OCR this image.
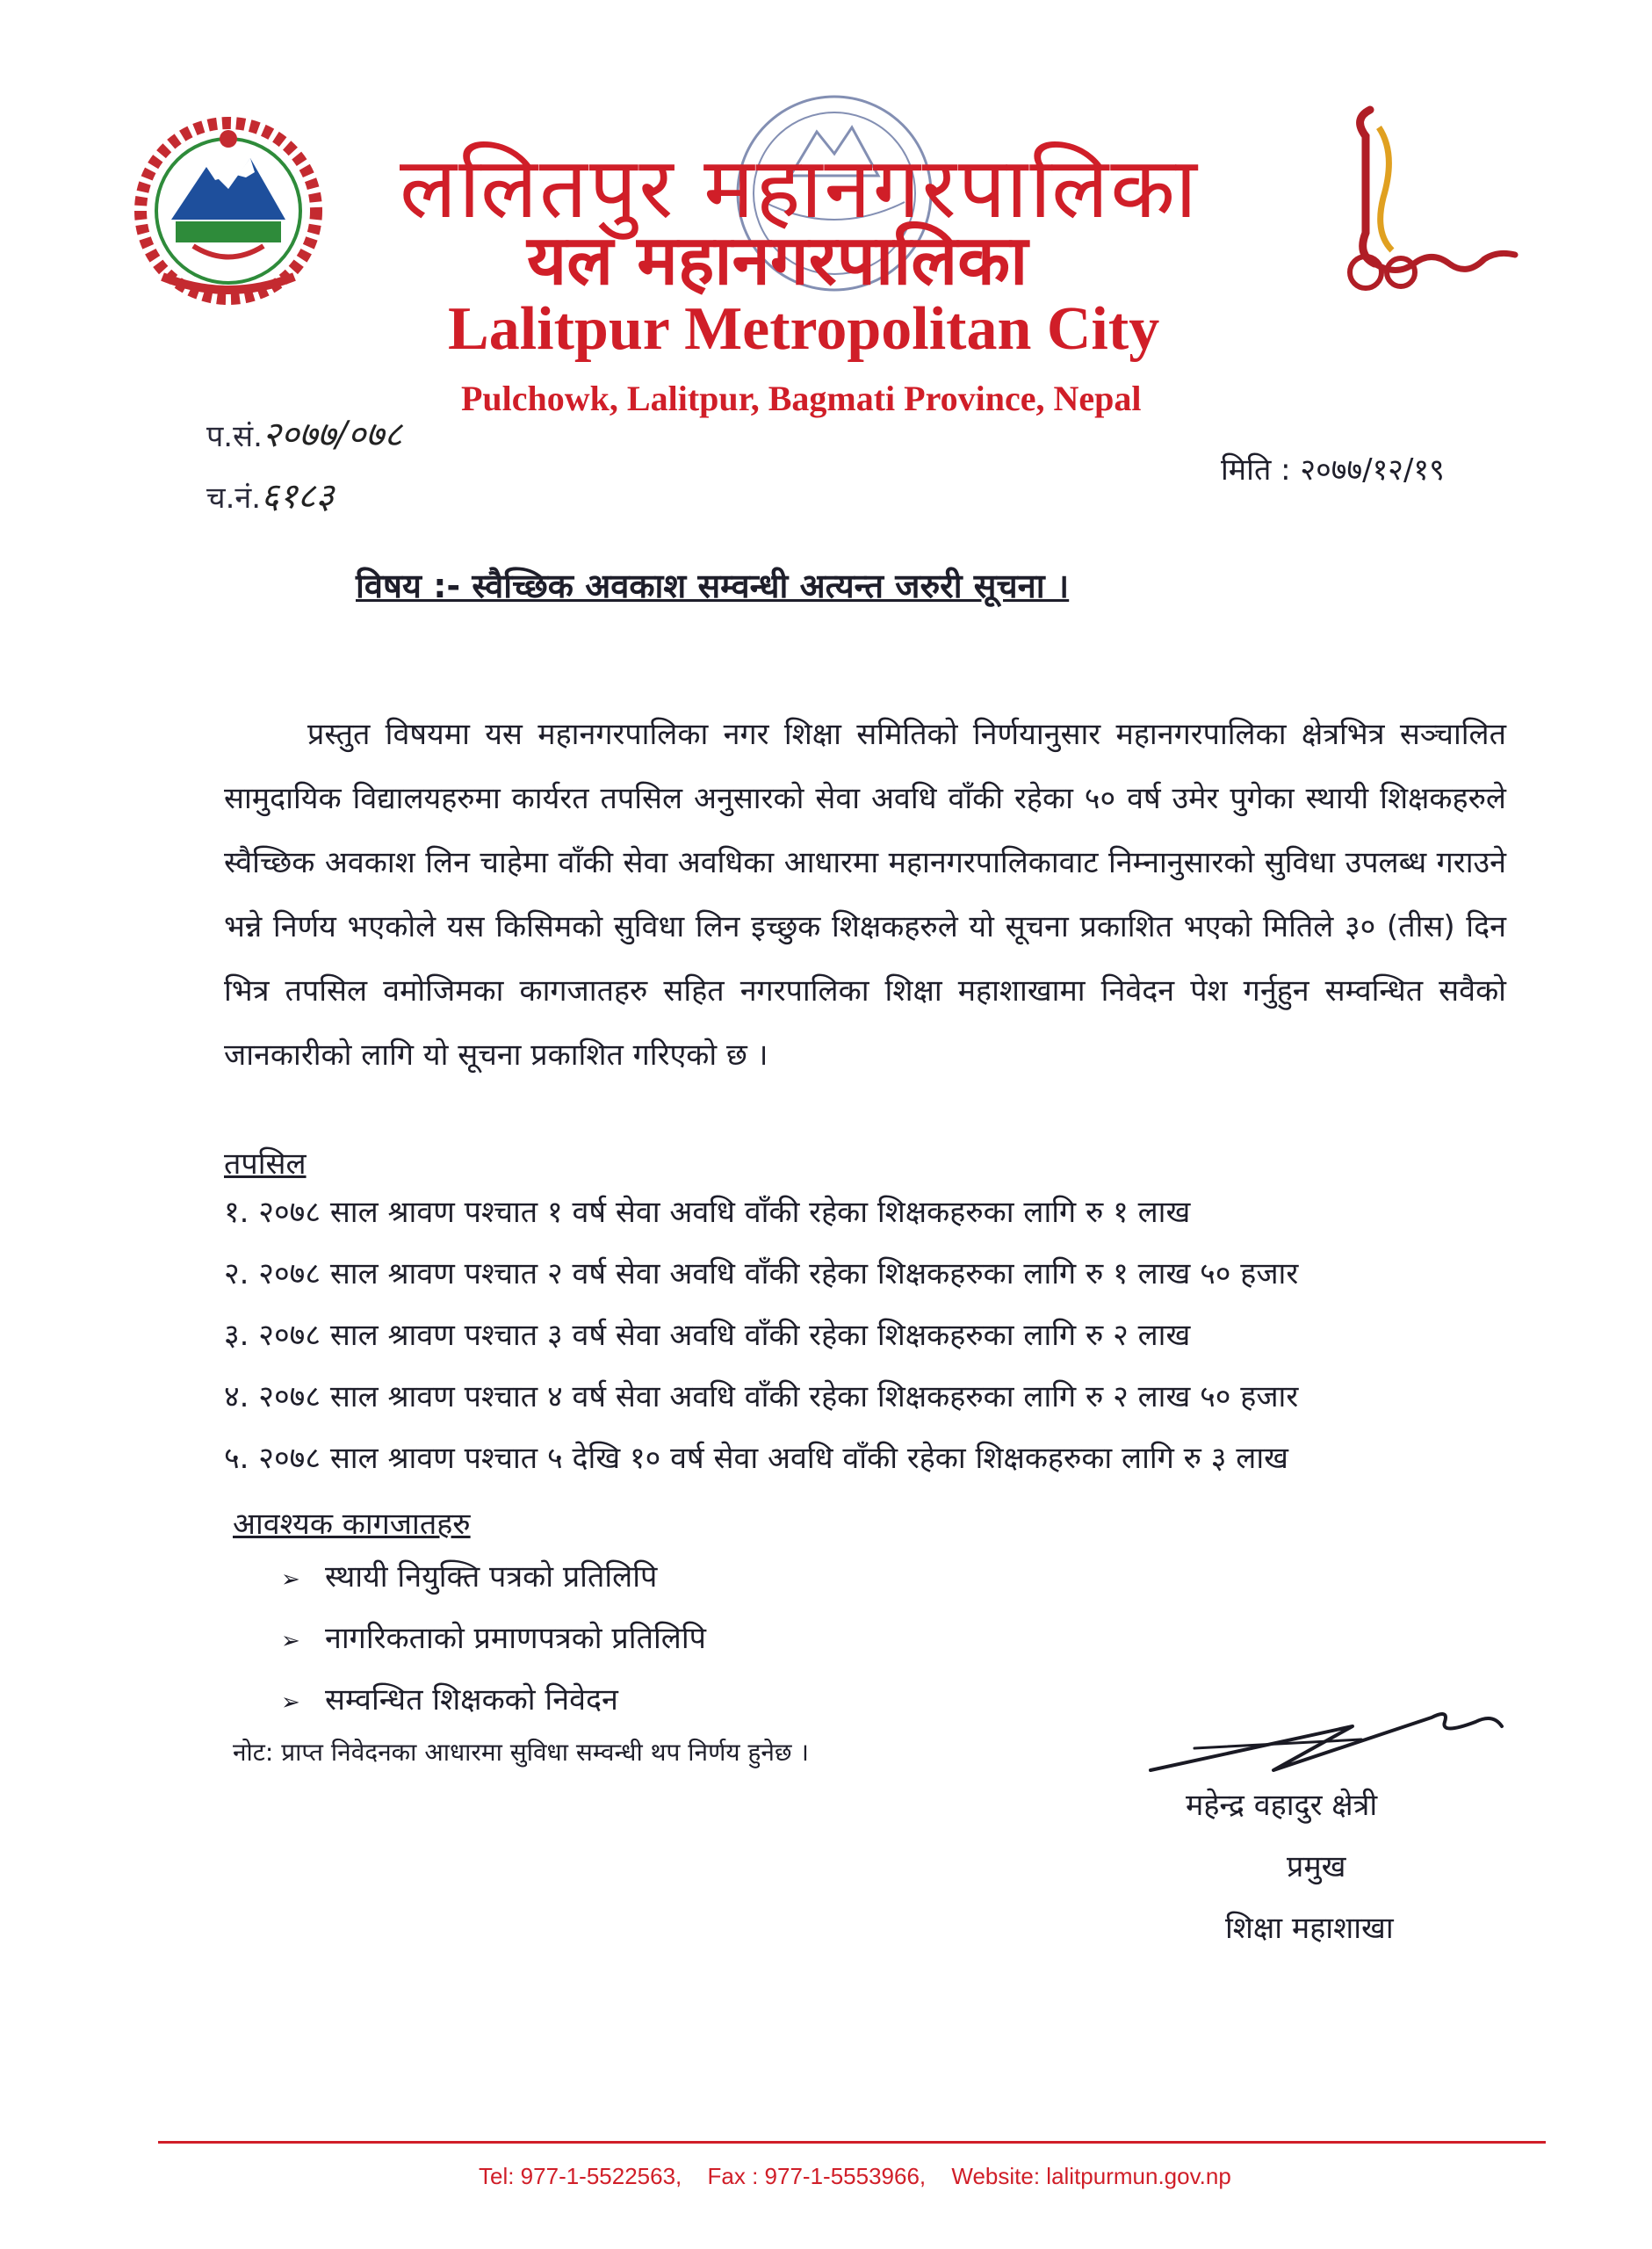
ललितपुर महानगरपालिका
यल महानगरपालिका
Lalitpur Metropolitan City
Pulchowk, Lalitpur, Bagmati Province, Nepal
प.सं.२०७७/०७८
च.नं.६१८३
मिति : २०७७/१२/१९
विषय :- स्वैच्छिक अवकाश सम्वन्धी अत्यन्त जरुरी सूचना ।
प्रस्तुत विषयमा यस महानगरपालिका नगर शिक्षा समितिको निर्णयानुसार महानगरपालिका क्षेत्रभित्र सञ्चालित सामुदायिक विद्यालयहरुमा कार्यरत तपसिल अनुसारको सेवा अवधि वाँकी रहेका ५० वर्ष उमेर पुगेका स्थायी शिक्षकहरुले स्वैच्छिक अवकाश लिन चाहेमा वाँकी सेवा अवधिका आधारमा महानगरपालिकावाट निम्नानुसारको सुविधा उपलब्ध गराउने भन्ने निर्णय भएकोले यस किसिमको सुविधा लिन इच्छुक शिक्षकहरुले यो सूचना प्रकाशित भएको मितिले ३० (तीस) दिन भित्र तपसिल वमोजिमका कागजातहरु सहित नगरपालिका शिक्षा महाशाखामा निवेदन पेश गर्नुहुन सम्वन्धित सवैको जानकारीको लागि यो सूचना प्रकाशित गरिएको छ ।
तपसिल
१. २०७८ साल श्रावण पश्चात १ वर्ष सेवा अवधि वाँकी रहेका शिक्षकहरुका लागि रु १ लाख
२. २०७८ साल श्रावण पश्चात २ वर्ष सेवा अवधि वाँकी रहेका शिक्षकहरुका लागि रु १ लाख ५० हजार
३. २०७८ साल श्रावण पश्चात ३ वर्ष सेवा अवधि वाँकी रहेका शिक्षकहरुका लागि रु २ लाख
४. २०७८ साल श्रावण पश्चात ४ वर्ष सेवा अवधि वाँकी रहेका शिक्षकहरुका लागि रु २ लाख ५० हजार
५. २०७८ साल श्रावण पश्चात ५ देखि १० वर्ष सेवा अवधि वाँकी रहेका शिक्षकहरुका लागि रु ३ लाख
आवश्यक कागजातहरु
➢ स्थायी नियुक्ति पत्रको प्रतिलिपि
➢ नागरिकताको प्रमाणपत्रको प्रतिलिपि
➢ सम्वन्धित शिक्षकको निवेदन
नोट: प्राप्त निवेदनका आधारमा सुविधा सम्वन्धी थप निर्णय हुनेछ ।
महेन्द्र वहादुर क्षेत्री
प्रमुख
शिक्षा महाशाखा
Tel: 977-1-5522563, Fax : 977-1-5553966, Website: lalitpurmun.gov.np
